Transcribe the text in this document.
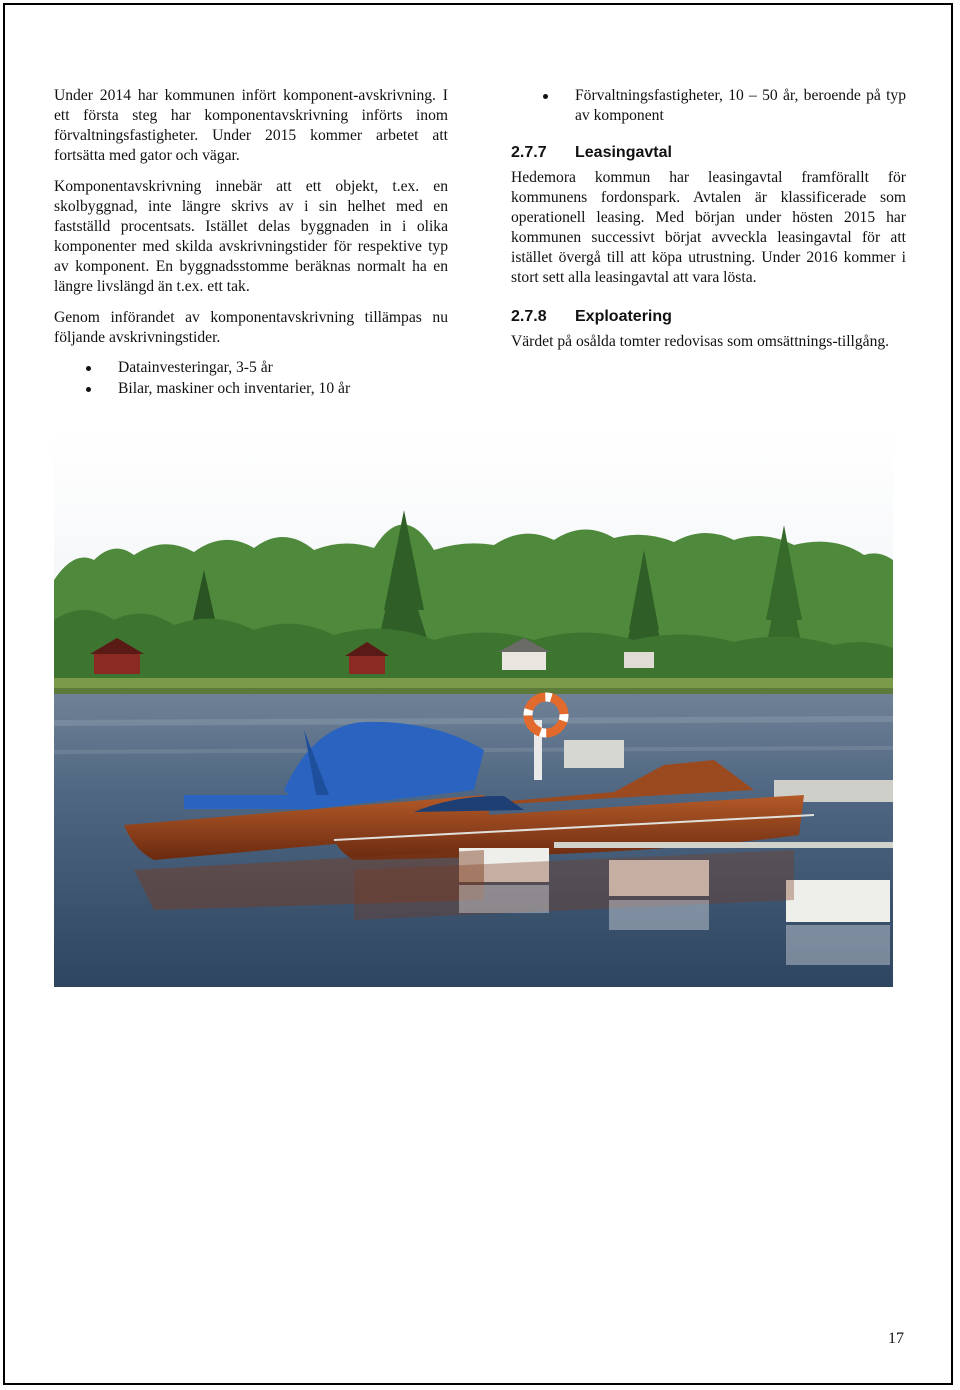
Under 2014 har kommunen infört komponent-avskrivning. I ett första steg har komponentavskrivning införts inom förvaltningsfastigheter. Under 2015 kommer arbetet att fortsätta med gator och vägar.

Komponentavskrivning innebär att ett objekt, t.ex. en skolbyggnad, inte längre skrivs av i sin helhet med en fastställd procentsats. Istället delas byggnaden in i olika komponenter med skilda avskrivningstider för respektive typ av komponent. En byggnadsstomme beräknas normalt ha en längre livslängd än t.ex. ett tak.

Genom införandet av komponentavskrivning tillämpas nu följande avskrivningstider.

Datainvesteringar, 3-5 år
Bilar, maskiner och inventarier, 10 år
Förvaltningsfastigheter, 10 – 50 år, beroende på typ av komponent
2.7.7 Leasingavtal

Hedemora kommun har leasingavtal framförallt för kommunens fordonspark. Avtalen är klassificerade som operationell leasing. Med början under hösten 2015 har kommunen successivt börjat avveckla leasingavtal för att istället övergå till att köpa utrustning. Under 2016 kommer i stort sett alla leasingavtal att vara lösta.

2.7.8 Exploatering

Värdet på osålda tomter redovisas som omsättnings-tillgång.

17
